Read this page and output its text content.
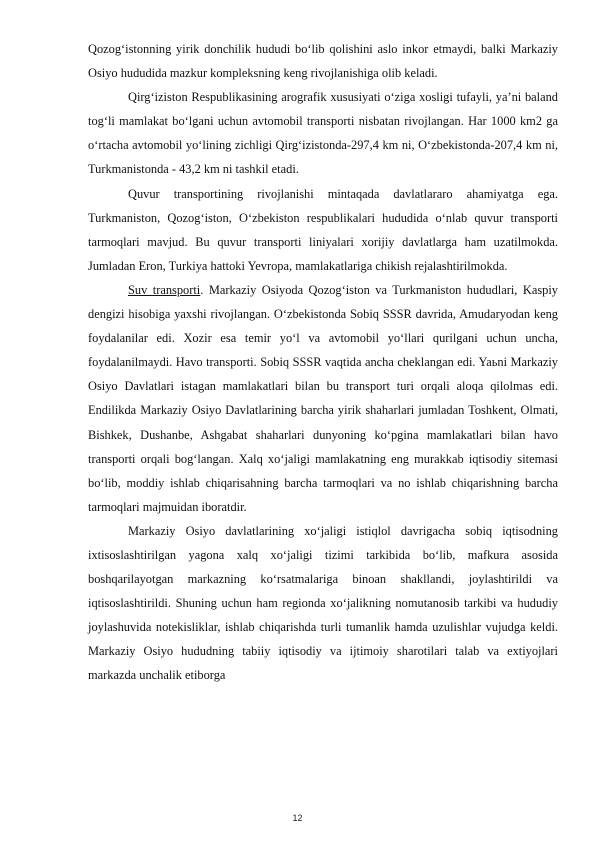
Qozog‘istonning yirik donchilik hududi bo‘lib qolishini aslo inkor etmaydi, balki Markaziy Osiyo hududida mazkur kompleksning keng rivojlanishiga olib keladi.

Qirg‘iziston Respublikasining arografik xususiyati o‘ziga xosligi tufayli, ya’ni baland tog‘li mamlakat bo‘lgani uchun avtomobil transporti nisbatan rivojlangan. Har 1000 km2 ga o‘rtacha avtomobil yo‘lining zichligi Qirg‘izistonda-297,4 km ni, O‘zbekistonda-207,4 km ni, Turkmanistonda - 43,2 km ni tashkil etadi.

Quvur transportining rivojlanishi mintaqada davlatlararo ahamiyatga ega. Turkmaniston, Qozog‘iston, O‘zbekiston respublikalari hududida o‘nlab quvur transporti tarmoqlari mavjud. Bu quvur transporti liniyalari xorijiy davlatlarga ham uzatilmokda. Jumladan Eron, Turkiya hattoki Yevropa, mamlakatlariga chikish rejalashtirilmokda.

Suv transporti. Markaziy Osiyoda Qozog‘iston va Turkmaniston hududlari, Kaspiy dengizi hisobiga yaxshi rivojlangan. O‘zbekistonda Sobiq SSSR davrida, Amudaryodan keng foydalanilar edi. Xozir esa temir yo‘l va avtomobil yo‘llari qurilgani uchun uncha, foydalanilmaydi. Havo transporti. Sobiq SSSR vaqtida ancha cheklangan edi. Yaьni Markaziy Osiyo Davlatlari istagan mamlakatlari bilan bu transport turi orqali aloqa qilolmas edi. Endilikda Markaziy Osiyo Davlatlarining barcha yirik shaharlari jumladan Toshkent, Olmati, Bishkek, Dushanbe, Ashgabat shaharlari dunyoning ko‘pgina mamlakatlari bilan havo transporti orqali bog‘langan. Xalq xo‘jaligi mamlakatning eng murakkab iqtisodiy sitemasi bo‘lib, moddiy ishlab chiqarisahning barcha tarmoqlari va no ishlab chiqarishning barcha tarmoqlari majmuidan iboratdir.

Markaziy Osiyo davlatlarining xo‘jaligi istiqlol davrigacha sobiq iqtisodning ixtisoslashtirilgan yagona xalq xo‘jaligi tizimi tarkibida bo‘lib, mafkura asosida boshqarilayotgan markazning ko‘rsatmalariga binoan shakllandi, joylashtirildi va iqtisoslashtirildi. Shuning uchun ham regionda xo‘jalikning nomutanosib tarkibi va hududiy joylashuvida notekisliklar, ishlab chiqarishda turli tumanlik hamda uzulishlar vujudga keldi. Markaziy Osiyo hududning tabiiy iqtisodiy va ijtimoiy sharotilari talab va extiyojlari markazda unchalik etiborga

12
